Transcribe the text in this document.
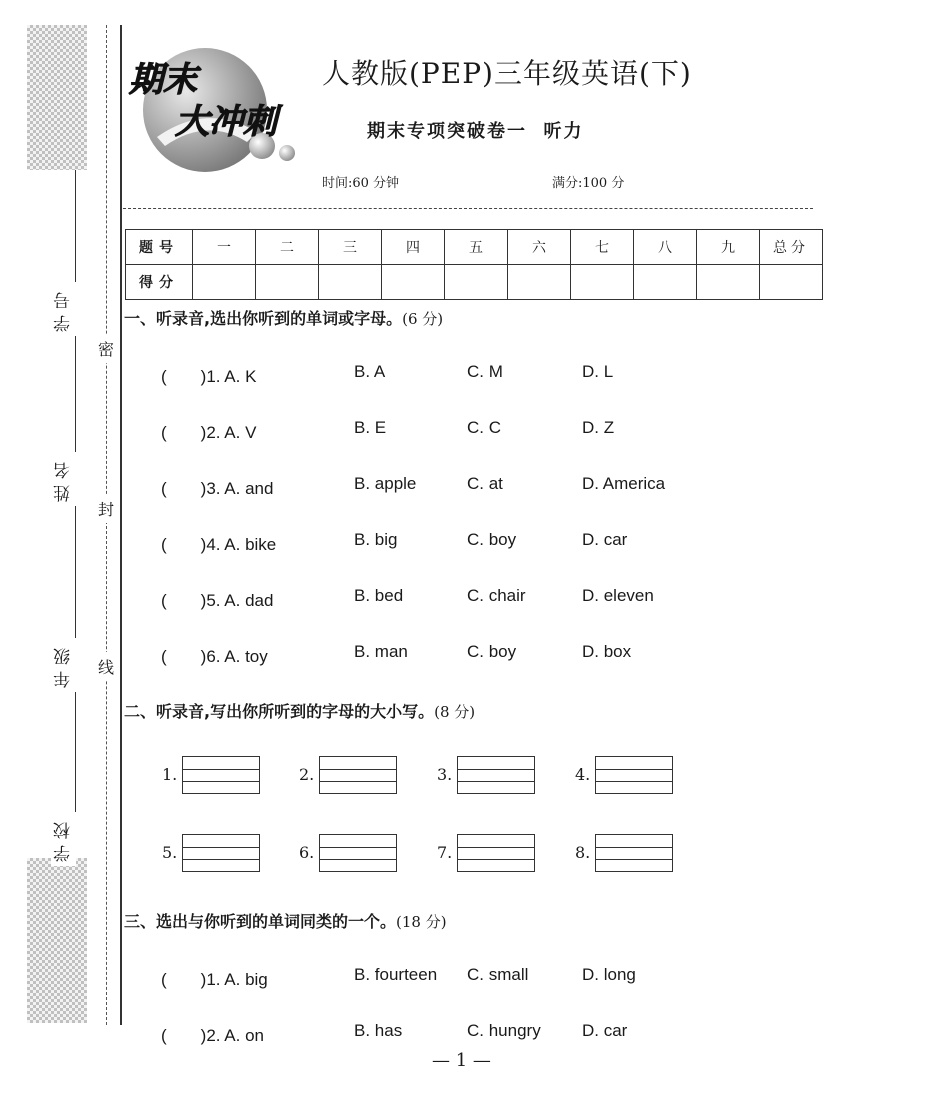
学号
姓名
年级
学校
密
封
线
期末
大冲刺
人教版(PEP)三年级英语(下)
期末专项突破卷一  听力
时间:60 分钟	满分:100 分
题号	一	二	三	四	五	六	七	八	九	总分
得分										
一、听录音,选出你听到的单词或字母。(6 分)
(　　)1. A. K	B. A	C. M	D. L
(　　)2. A. V	B. E	C. C	D. Z
(　　)3. A. and	B. apple	C. at	D. America
(　　)4. A. bike	B. big	C. boy	D. car
(　　)5. A. dad	B. bed	C. chair	D. eleven
(　　)6. A. toy	B. man	C. boy	D. box
二、听录音,写出你所听到的字母的大小写。(8 分)
1.	2.	3.	4.
5.	6.	7.	8.
三、选出与你听到的单词同类的一个。(18 分)
(　　)1. A. big	B. fourteen C. small	D. long
(　　)2. A. on	B. has	C. hungry D. car
— 1 —
